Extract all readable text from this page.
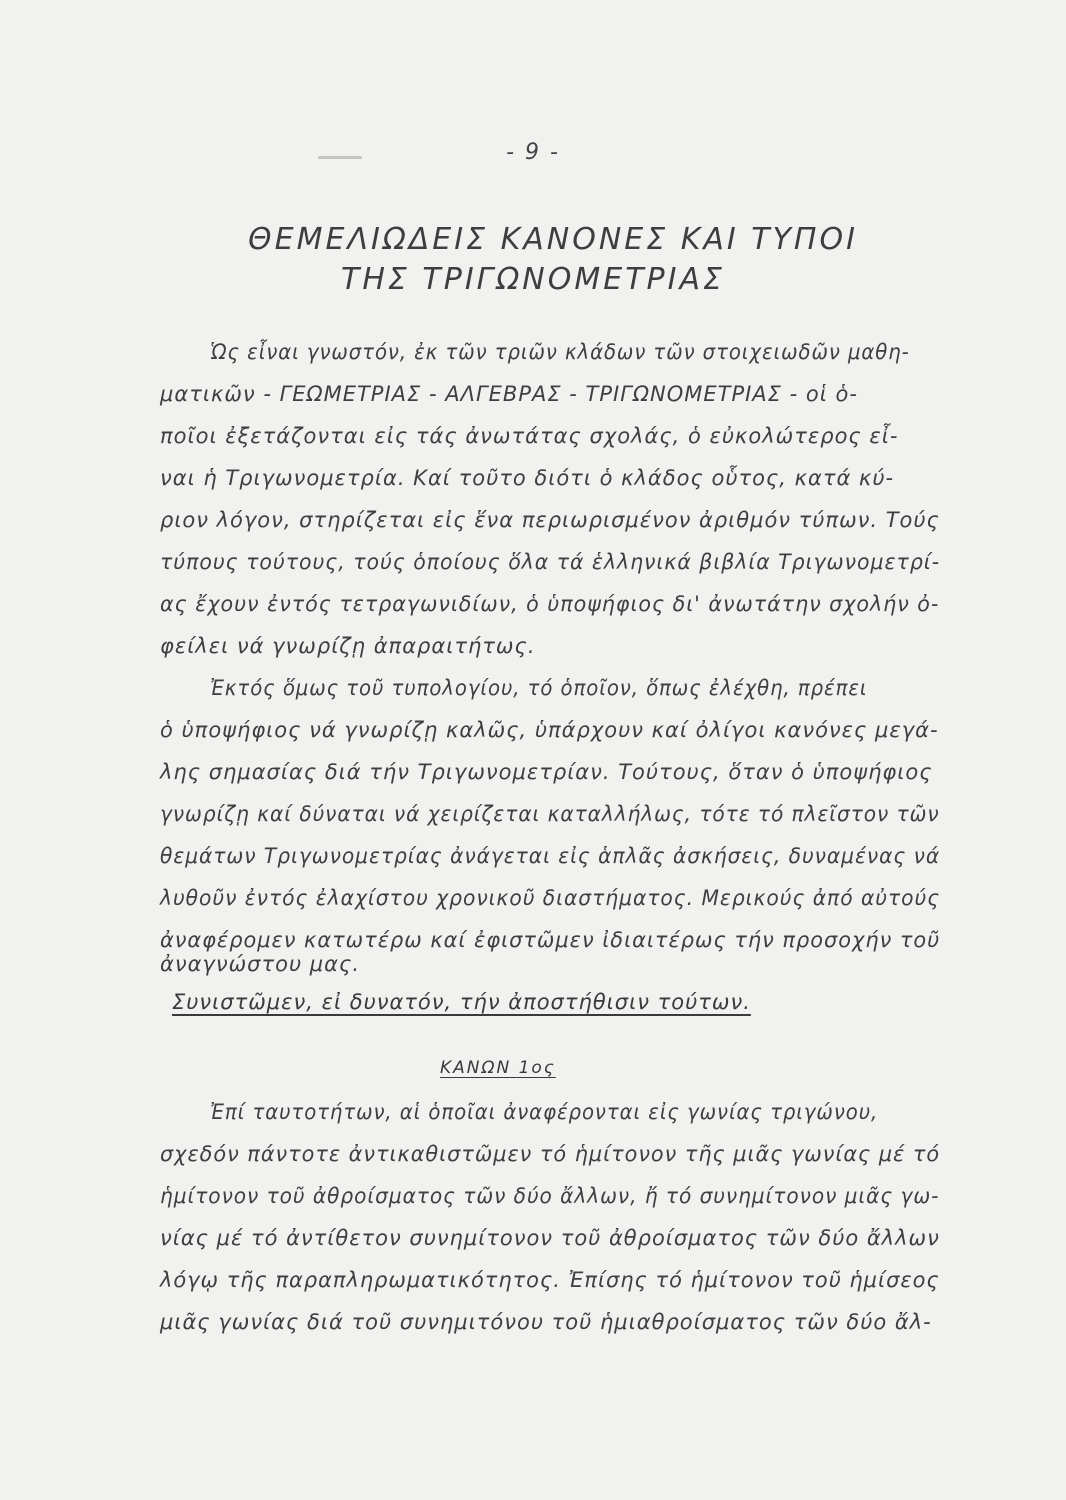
- 9 -
ΘΕΜΕΛΙΩΔΕΙΣ ΚΑΝΟΝΕΣ ΚΑΙ ΤΥΠΟΙ
ΤΗΣ ΤΡΙΓΩΝΟΜΕΤΡΙΑΣ
Ὡς εἶναι γνωστόν, ἐκ τῶν τριῶν κλάδων τῶν στοιχειωδῶν μαθη-
ματικῶν - ΓΕΩΜΕΤΡΙΑΣ - ΑΛΓΕΒΡΑΣ - ΤΡΙΓΩΝΟΜΕΤΡΙΑΣ - οἱ ὁ-
ποῖοι ἐξετάζονται εἰς τάς ἀνωτάτας σχολάς, ὁ εὐκολώτερος εἶ-
ναι ἡ Τριγωνομετρία. Καί τοῦτο διότι ὁ κλάδος οὗτος, κατά κύ-
ριον λόγον, στηρίζεται εἰς ἕνα περιωρισμένον ἀριθμόν τύπων. Τούς
τύπους τούτους, τούς ὁποίους ὅλα τά ἑλληνικά βιβλία Τριγωνομετρί-
ας ἔχουν ἐντός τετραγωνιδίων, ὁ ὑποψήφιος δι' ἀνωτάτην σχολήν ὀ-
φείλει νά γνωρίζῃ ἀπαραιτήτως.
Ἐκτός ὅμως τοῦ τυπολογίου, τό ὁποῖον, ὅπως ἐλέχθη, πρέπει
ὁ ὑποψήφιος νά γνωρίζῃ καλῶς, ὑπάρχουν καί ὀλίγοι κανόνες μεγά-
λης σημασίας διά τήν Τριγωνομετρίαν. Τούτους, ὅταν ὁ ὑποψήφιος
γνωρίζῃ καί δύναται νά χειρίζεται καταλλήλως, τότε τό πλεῖστον τῶν
θεμάτων Τριγωνομετρίας ἀνάγεται εἰς ἁπλᾶς ἀσκήσεις, δυναμένας νά
λυθοῦν ἐντός ἐλαχίστου χρονικοῦ διαστήματος. Μερικούς ἀπό αὐτούς
ἀναφέρομεν κατωτέρω καί ἐφιστῶμεν ἰδιαιτέρως τήν προσοχήν τοῦ
ἀναγνώστου μας.
Συνιστῶμεν, εἰ δυνατόν, τήν ἀποστήθισιν τούτων.
ΚΑΝΩΝ 1ος
Ἐπί ταυτοτήτων, αἱ ὁποῖαι ἀναφέρονται εἰς γωνίας τριγώνου,
σχεδόν πάντοτε ἀντικαθιστῶμεν τό ἡμίτονον τῆς μιᾶς γωνίας μέ τό
ἡμίτονον τοῦ ἀθροίσματος τῶν δύο ἄλλων, ἤ τό συνημίτονον μιᾶς γω-
νίας μέ τό ἀντίθετον συνημίτονον τοῦ ἀθροίσματος τῶν δύο ἄλλων
λόγῳ τῆς παραπληρωματικότητος. Ἐπίσης τό ἡμίτονον τοῦ ἡμίσεος
μιᾶς γωνίας διά τοῦ συνημιτόνου τοῦ ἡμιαθροίσματος τῶν δύο ἄλ-
